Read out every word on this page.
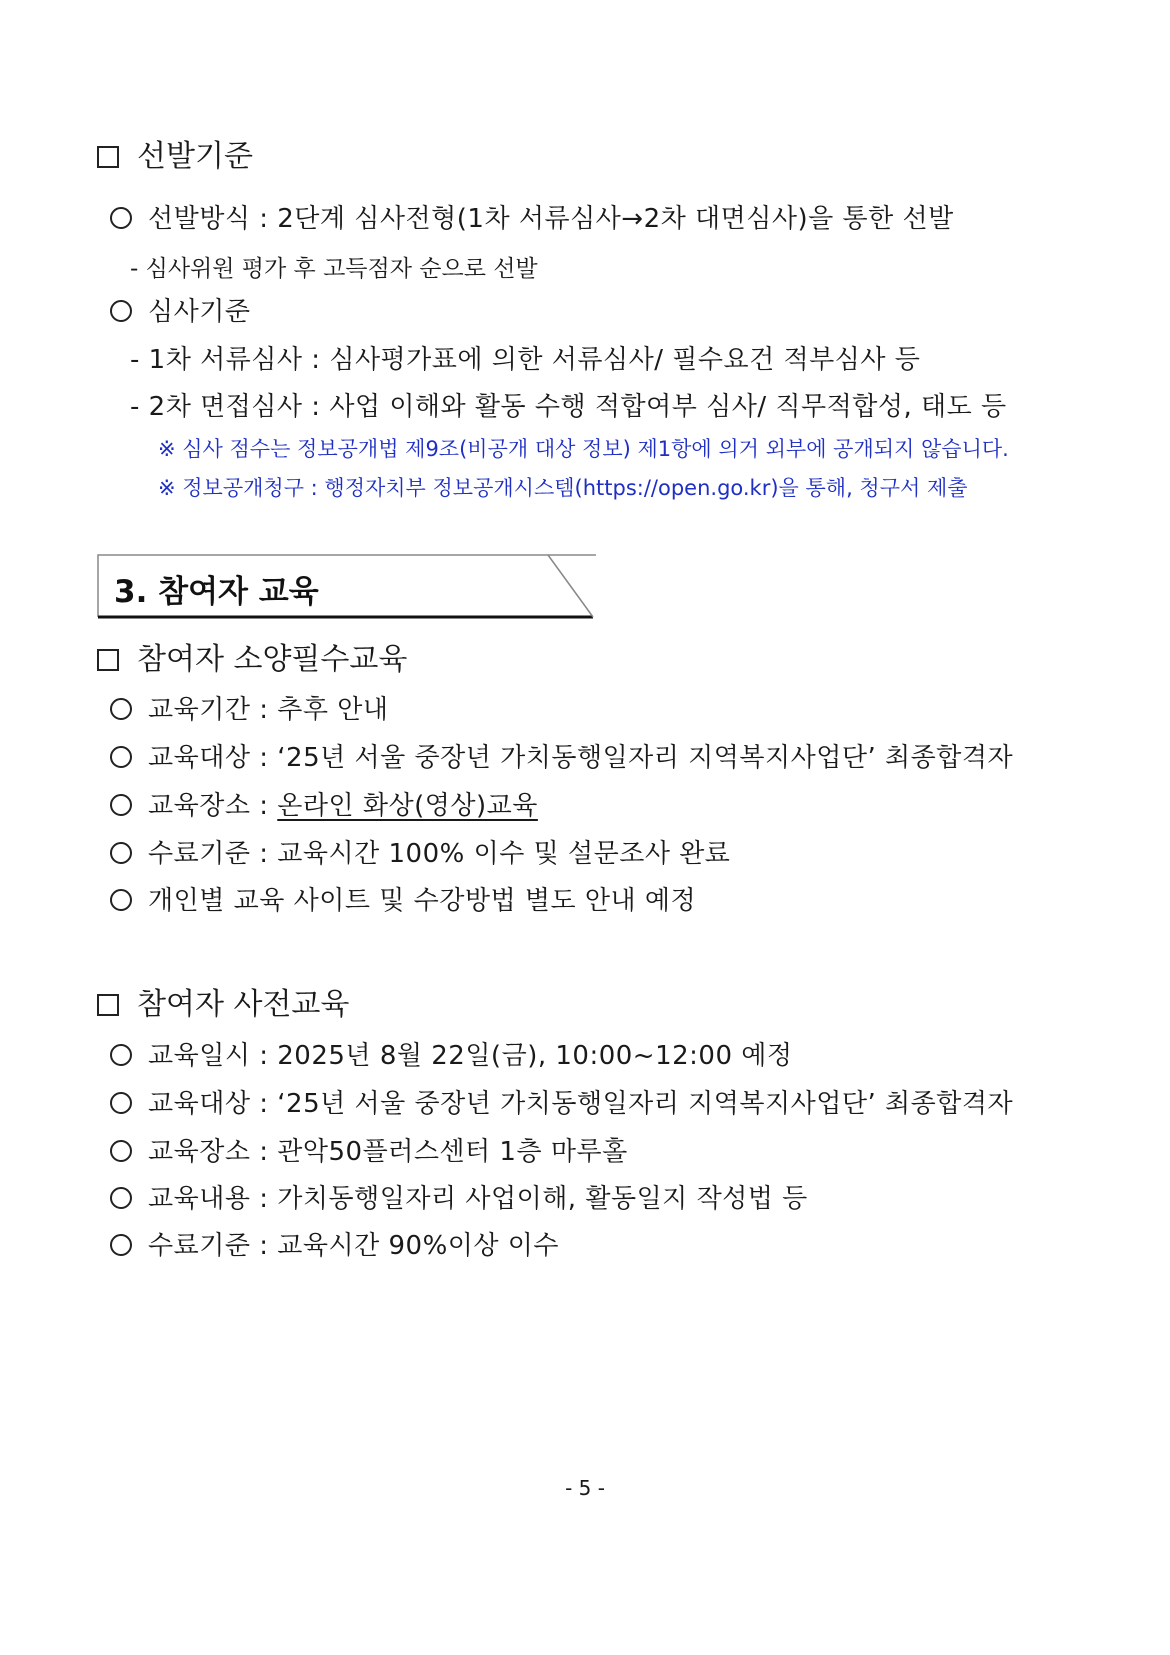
선발기준
선발방식 : 2단계 심사전형(1차 서류심사→2차 대면심사)을 통한 선발
- 심사위원 평가 후 고득점자 순으로 선발
심사기준
- 1차 서류심사 : 심사평가표에 의한 서류심사/ 필수요건 적부심사 등
- 2차 면접심사 : 사업 이해와 활동 수행 적합여부 심사/ 직무적합성, 태도 등
※ 심사 점수는 정보공개법 제9조(비공개 대상 정보) 제1항에 의거 외부에 공개되지 않습니다.
※ 정보공개청구 : 행정자치부 정보공개시스템(https://open.go.kr)을 통해, 청구서 제출
3. 참여자 교육
참여자 소양필수교육
교육기간 : 추후 안내
교육대상 : ‘25년 서울 중장년 가치동행일자리 지역복지사업단’ 최종합격자
교육장소 : 온라인 화상(영상)교육
수료기준 : 교육시간 100% 이수 및 설문조사 완료
개인별 교육 사이트 및 수강방법 별도 안내 예정
참여자 사전교육
교육일시 : 2025년 8월 22일(금), 10:00~12:00 예정
교육대상 : ‘25년 서울 중장년 가치동행일자리 지역복지사업단’ 최종합격자
교육장소 : 관악50플러스센터 1층 마루홀
교육내용 : 가치동행일자리 사업이해, 활동일지 작성법 등
수료기준 : 교육시간 90%이상 이수
- 5 -
